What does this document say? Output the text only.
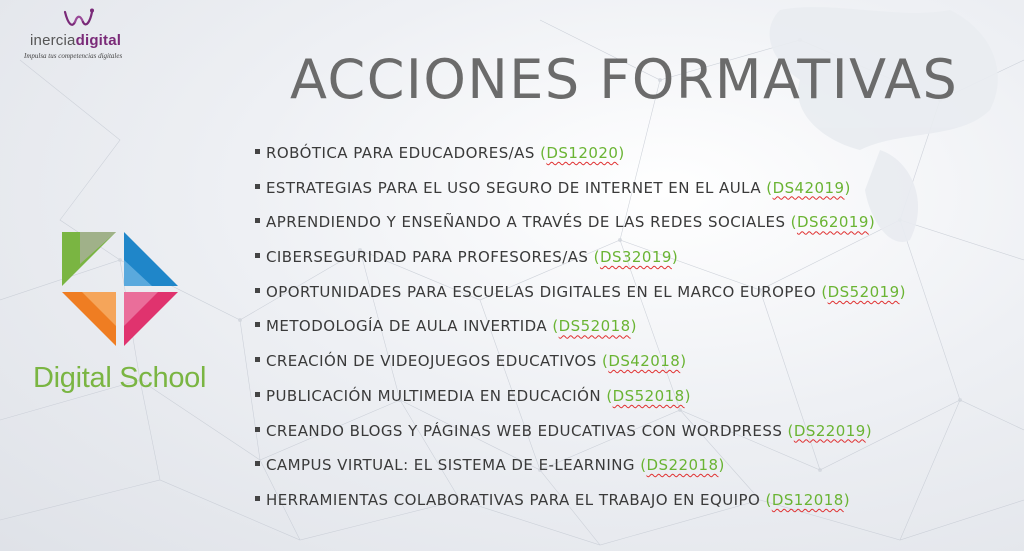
inerciadigital
Impulsa tus competencias digitales	ACCIONES FORMATIVAS
ROBÓTICA PARA EDUCADORES/AS (DS12020)
ESTRATEGIAS PARA EL USO SEGURO DE INTERNET EN EL AULA (DS42019)
APRENDIENDO Y ENSEÑANDO A TRAVÉS DE LAS REDES SOCIALES (DS62019)
CIBERSEGURIDAD PARA PROFESORES/AS (DS32019)
OPORTUNIDADES PARA ESCUELAS DIGITALES EN EL MARCO EUROPEO (DS52019)
METODOLOGÍA DE AULA INVERTIDA (DS52018)
CREACIÓN DE VIDEOJUEGOS EDUCATIVOS (DS42018)
PUBLICACIÓN MULTIMEDIA EN EDUCACIÓN (DS52018)
CREANDO BLOGS Y PÁGINAS WEB EDUCATIVAS CON WORDPRESS (DS22019)
CAMPUS VIRTUAL: EL SISTEMA DE E-LEARNING (DS22018)
HERRAMIENTAS COLABORATIVAS PARA EL TRABAJO EN EQUIPO (DS12018)
Digital School
